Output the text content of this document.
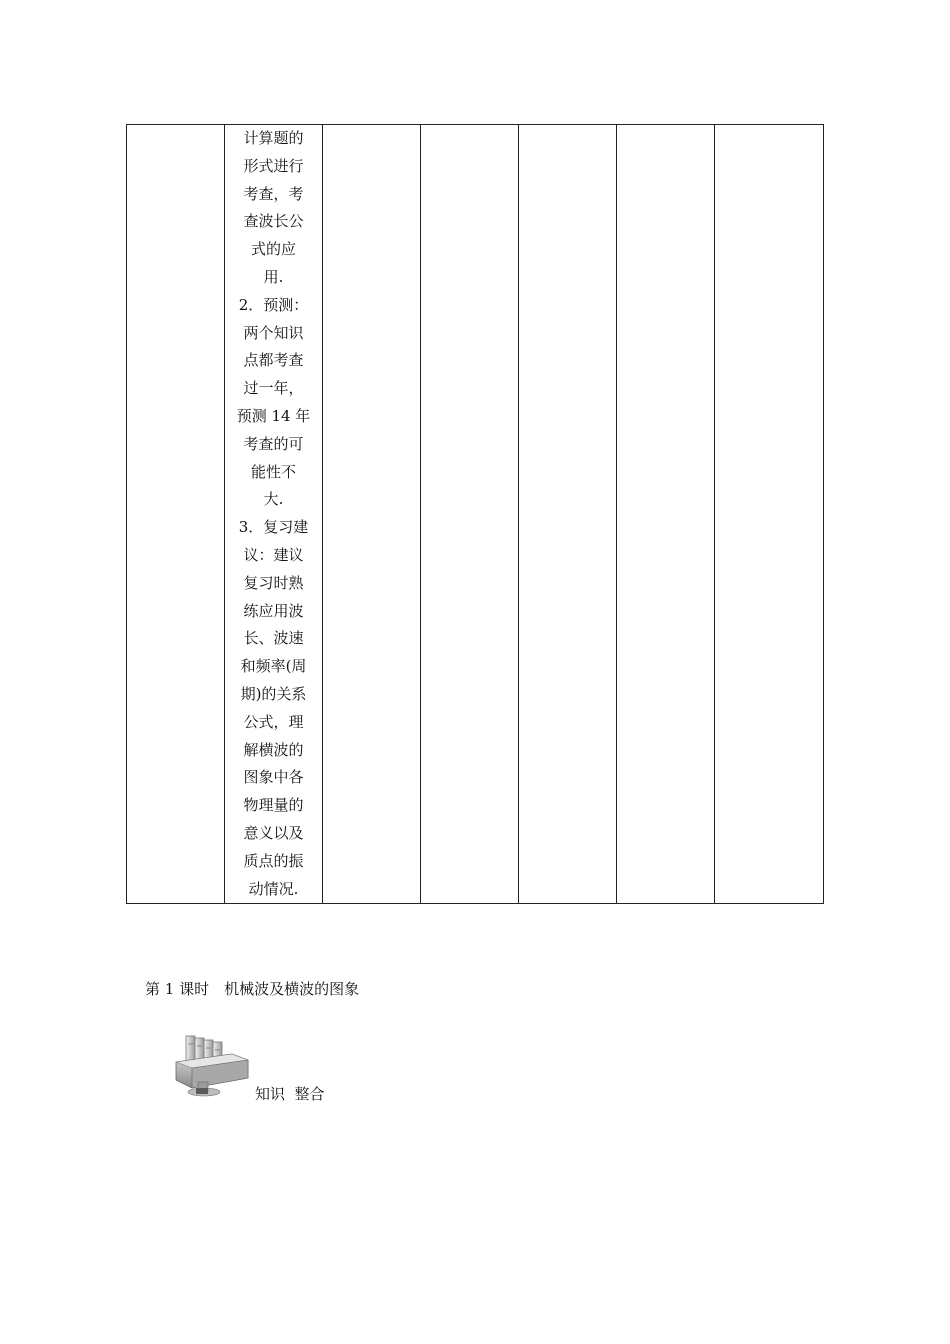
计算题的
形式进行
考查，考
查波长公
式的应
用.
2．预测：
两个知识
点都考查
过一年，
预测 14 年
考查的可
能性不
大.
3．复习建
议：建议
复习时熟
练应用波
长、波速
和频率(周
期)的关系
公式，理
解横波的
图象中各
物理量的
意义以及
质点的振
动情况.

第 1 课时　机械波及横波的图象
知识  整合
